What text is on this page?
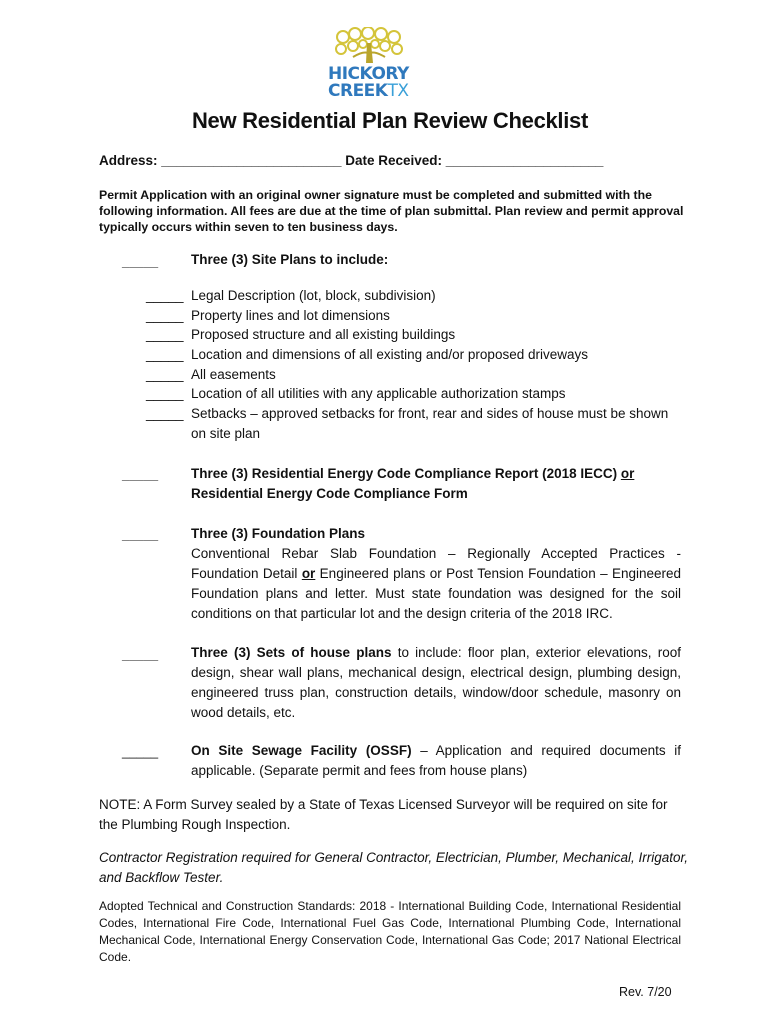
HICKORY
CREEKTX
New Residential Plan Review Checklist
Address: ________________________ Date Received: _____________________
Permit Application with an original owner signature must be completed and submitted with the following information. All fees are due at the time of plan submittal. Plan review and permit approval typically occurs within seven to ten business days.
_____ Three (3) Site Plans to include:
_____ Legal Description (lot, block, subdivision)
_____ Property lines and lot dimensions
_____ Proposed structure and all existing buildings
_____ Location and dimensions of all existing and/or proposed driveways
_____ All easements
_____ Location of all utilities with any applicable authorization stamps
_____ Setbacks – approved setbacks for front, rear and sides of house must be shown
on site plan
_____ Three (3) Residential Energy Code Compliance Report (2018 IECC) or
Residential Energy Code Compliance Form
_____ Three (3) Foundation Plans
Conventional Rebar Slab Foundation – Regionally Accepted Practices - Foundation Detail or Engineered plans or Post Tension Foundation – Engineered Foundation plans and letter. Must state foundation was designed for the soil conditions on that particular lot and the design criteria of the 2018 IRC.
_____ Three (3) Sets of house plans to include: floor plan, exterior elevations, roof design, shear wall plans, mechanical design, electrical design, plumbing design, engineered truss plan, construction details, window/door schedule, masonry on wood details, etc.
_____ On Site Sewage Facility (OSSF) – Application and required documents if applicable. (Separate permit and fees from house plans)
NOTE: A Form Survey sealed by a State of Texas Licensed Surveyor will be required on site for the Plumbing Rough Inspection.
Contractor Registration required for General Contractor, Electrician, Plumber, Mechanical, Irrigator, and Backflow Tester.
Adopted Technical and Construction Standards: 2018 - International Building Code, International Residential Codes, International Fire Code, International Fuel Gas Code, International Plumbing Code, International Mechanical Code, International Energy Conservation Code, International Gas Code; 2017 National Electrical Code.
Rev. 7/20
